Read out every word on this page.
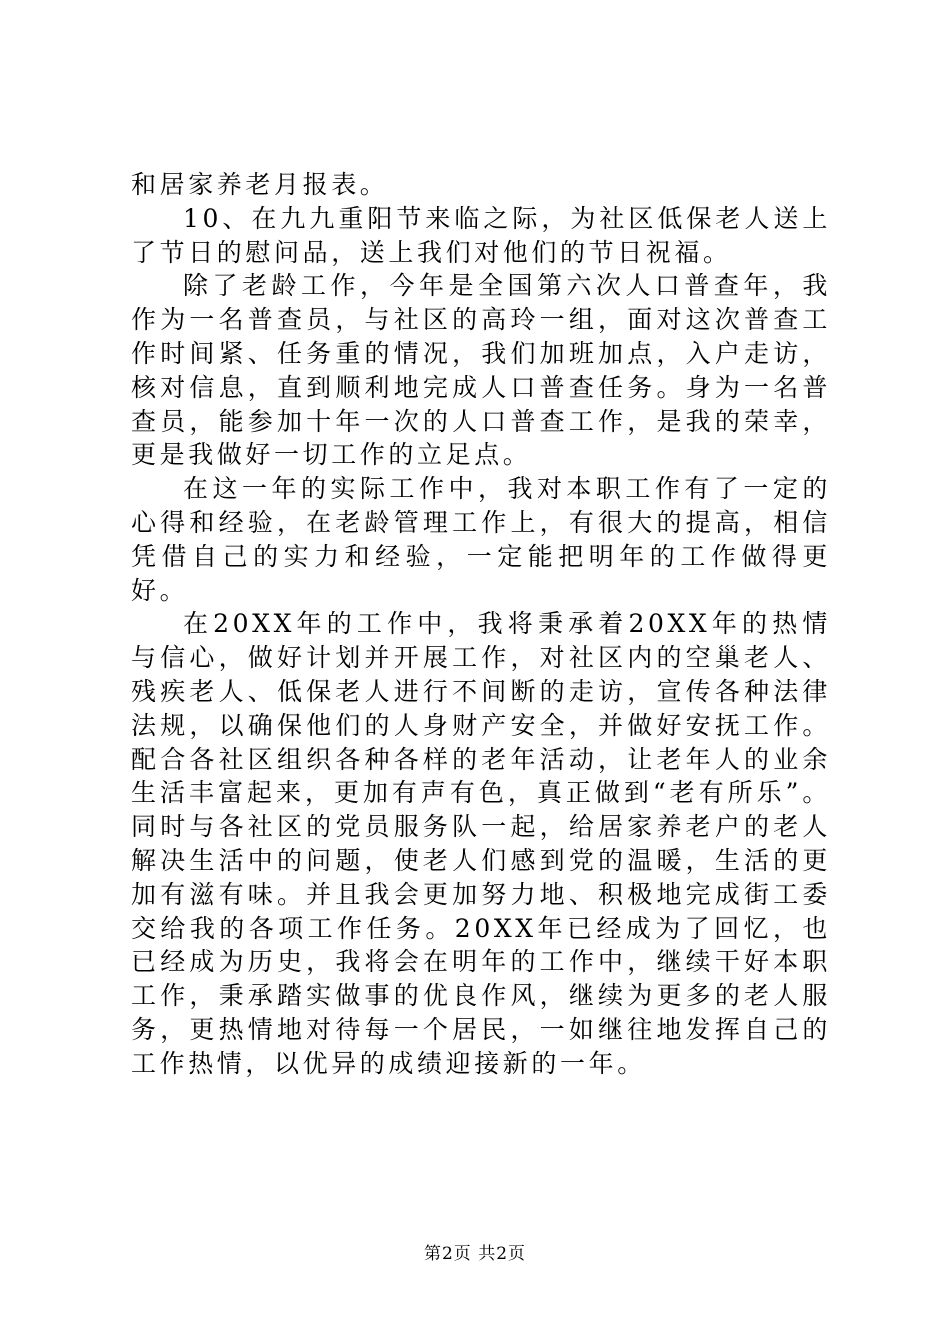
和居家养老月报表。

10、在九九重阳节来临之际，为社区低保老人送上了节日的慰问品，送上我们对他们的节日祝福。

除了老龄工作，今年是全国第六次人口普查年，我作为一名普查员，与社区的高玲一组，面对这次普查工作时间紧、任务重的情况，我们加班加点，入户走访，核对信息，直到顺利地完成人口普查任务。身为一名普查员，能参加十年一次的人口普查工作，是我的荣幸，更是我做好一切工作的立足点。

在这一年的实际工作中，我对本职工作有了一定的心得和经验，在老龄管理工作上，有很大的提高，相信凭借自己的实力和经验，一定能把明年的工作做得更好。

在20XX年的工作中，我将秉承着20XX年的热情与信心，做好计划并开展工作，对社区内的空巢老人、残疾老人、低保老人进行不间断的走访，宣传各种法律法规，以确保他们的人身财产安全，并做好安抚工作。配合各社区组织各种各样的老年活动，让老年人的业余生活丰富起来，更加有声有色，真正做到“老有所乐”。同时与各社区的党员服务队一起，给居家养老户的老人解决生活中的问题，使老人们感到党的温暖，生活的更加有滋有味。并且我会更加努力地、积极地完成街工委交给我的各项工作任务。20XX年已经成为了回忆，也已经成为历史，我将会在明年的工作中，继续干好本职工作，秉承踏实做事的优良作风，继续为更多的老人服务，更热情地对待每一个居民，一如继往地发挥自己的工作热情，以优异的成绩迎接新的一年。

第2页 共2页
